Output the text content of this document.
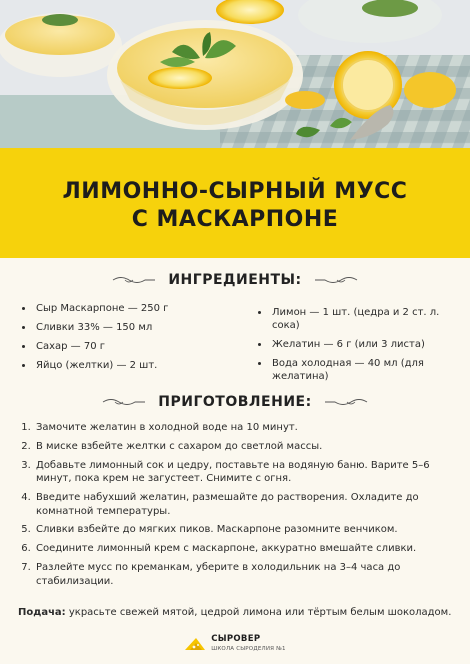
ЛИМОННО-СЫРНЫЙ МУСС
С МАСКАРПОНЕ
ИНГРЕДИЕНТЫ:
• Сыр Маскарпоне — 250 г
• Сливки 33% — 150 мл
• Сахар — 70 г
• Яйцо (желтки) — 2 шт.
• Лимон — 1 шт. (цедра и 2 ст. л. сока)
• Желатин — 6 г (или 3 листа)
• Вода холодная — 40 мл (для желатина)
ПРИГОТОВЛЕНИЕ:
1. Замочите желатин в холодной воде на 10 минут.
2. В миске взбейте желтки с сахаром до светлой массы.
3. Добавьте лимонный сок и цедру, поставьте на водяную баню. Варите 5–6 минут, пока крем не загустеет. Снимите с огня.
4. Введите набухший желатин, размешайте до растворения. Охладите до комнатной температуры.
5. Сливки взбейте до мягких пиков. Маскарпоне разомните венчиком.
6. Соедините лимонный крем с маскарпоне, аккуратно вмешайте сливки.
7. Разлейте мусс по креманкам, уберите в холодильник на 3–4 часа до стабилизации.
Подача: украсьте свежей мятой, цедрой лимона или тёртым белым шоколадом.
СЫРОВЕР
ШКОЛА СЫРОДЕЛИЯ №1
